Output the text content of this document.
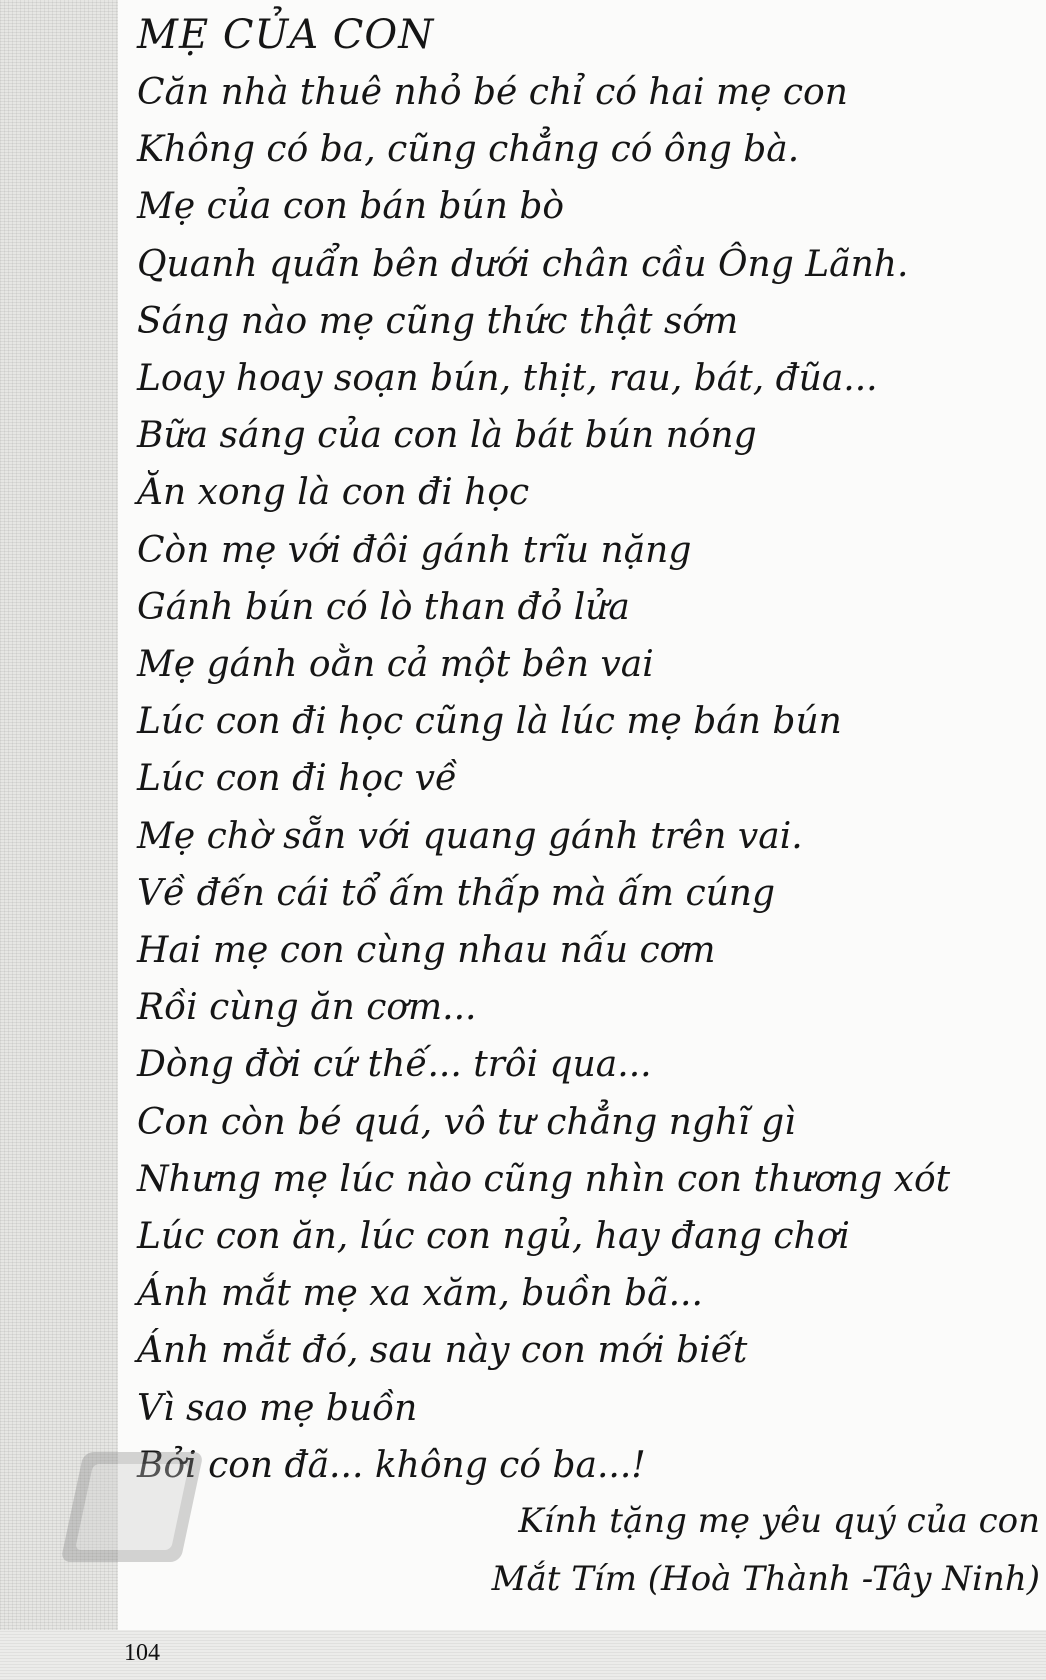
MẸ CỦA CON
Căn nhà thuê nhỏ bé chỉ có hai mẹ con
Không có ba, cũng chẳng có ông bà.
Mẹ của con bán bún bò
Quanh quẩn bên dưới chân cầu Ông Lãnh.
Sáng nào mẹ cũng thức thật sớm
Loay hoay soạn bún, thịt, rau, bát, đũa...
Bữa sáng của con là bát bún nóng
Ăn xong là con đi học
Còn mẹ với đôi gánh trĩu nặng
Gánh bún có lò than đỏ lửa
Mẹ gánh oằn cả một bên vai
Lúc con đi học cũng là lúc mẹ bán bún
Lúc con đi học về
Mẹ chờ sẵn với quang gánh trên vai.
Về đến cái tổ ấm thấp mà ấm cúng
Hai mẹ con cùng nhau nấu cơm
Rồi cùng ăn cơm...
Dòng đời cứ thế... trôi qua...
Con còn bé quá, vô tư chẳng nghĩ gì
Nhưng mẹ lúc nào cũng nhìn con thương xót
Lúc con ăn, lúc con ngủ, hay đang chơi
Ánh mắt mẹ xa xăm, buồn bã...
Ánh mắt đó, sau này con mới biết
Vì sao mẹ buồn
Bởi con đã... không có ba...!
Kính tặng mẹ yêu quý của con
Mắt Tím (Hoà Thành -Tây Ninh)
104
